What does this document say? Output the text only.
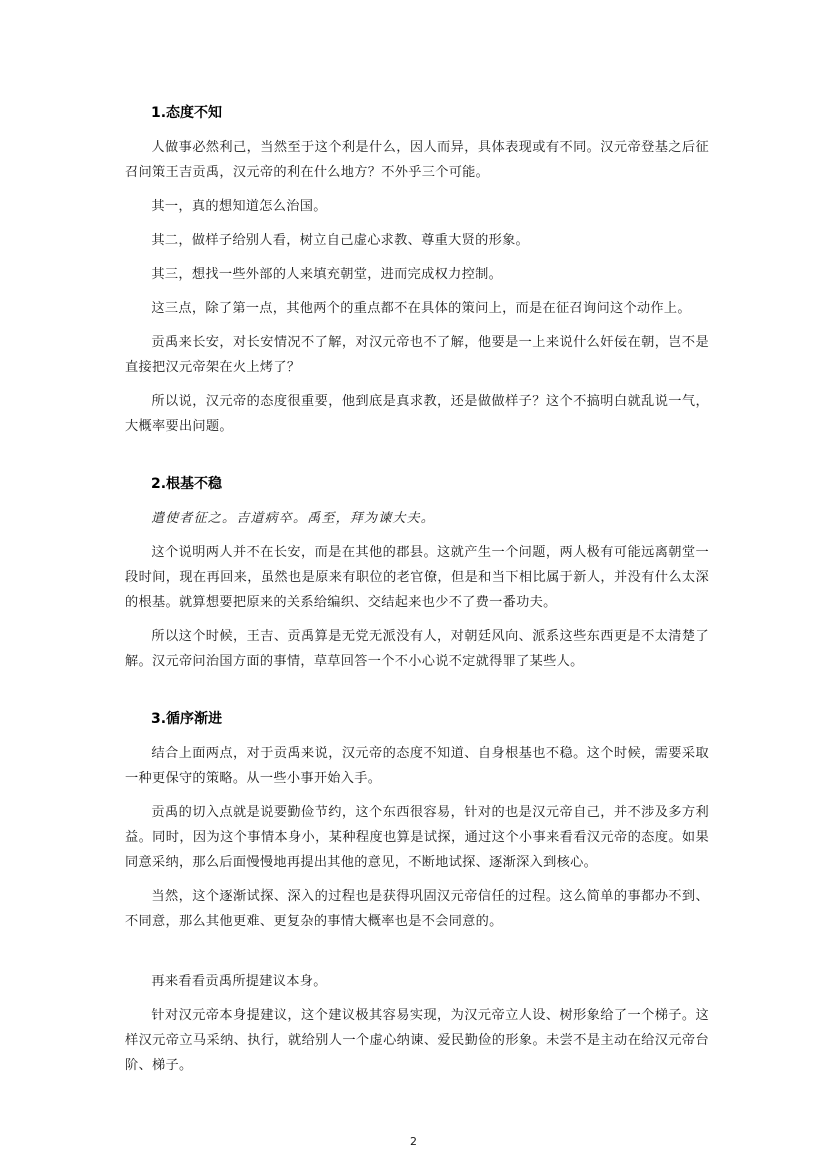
1.态度不知

人做事必然利己，当然至于这个利是什么，因人而异，具体表现或有不同。汉元帝登基之后征召问策王吉贡禹，汉元帝的利在什么地方？不外乎三个可能。

其一，真的想知道怎么治国。

其二，做样子给别人看，树立自己虚心求教、尊重大贤的形象。

其三，想找一些外部的人来填充朝堂，进而完成权力控制。

这三点，除了第一点，其他两个的重点都不在具体的策问上，而是在征召询问这个动作上。

贡禹来长安，对长安情况不了解，对汉元帝也不了解，他要是一上来说什么奸佞在朝，岂不是直接把汉元帝架在火上烤了？

所以说，汉元帝的态度很重要，他到底是真求教，还是做做样子？这个不搞明白就乱说一气，大概率要出问题。

2.根基不稳

遣使者征之。吉道病卒。禹至，拜为谏大夫。

这个说明两人并不在长安，而是在其他的郡县。这就产生一个问题，两人极有可能远离朝堂一段时间，现在再回来，虽然也是原来有职位的老官僚，但是和当下相比属于新人，并没有什么太深的根基。就算想要把原来的关系给编织、交结起来也少不了费一番功夫。

所以这个时候，王吉、贡禹算是无党无派没有人，对朝廷风向、派系这些东西更是不太清楚了解。汉元帝问治国方面的事情，草草回答一个不小心说不定就得罪了某些人。

3.循序渐进

结合上面两点，对于贡禹来说，汉元帝的态度不知道、自身根基也不稳。这个时候，需要采取一种更保守的策略。从一些小事开始入手。

贡禹的切入点就是说要勤俭节约，这个东西很容易，针对的也是汉元帝自己，并不涉及多方利益。同时，因为这个事情本身小，某种程度也算是试探，通过这个小事来看看汉元帝的态度。如果同意采纳，那么后面慢慢地再提出其他的意见，不断地试探、逐渐深入到核心。

当然，这个逐渐试探、深入的过程也是获得巩固汉元帝信任的过程。这么简单的事都办不到、不同意，那么其他更难、更复杂的事情大概率也是不会同意的。

再来看看贡禹所提建议本身。

针对汉元帝本身提建议，这个建议极其容易实现，为汉元帝立人设、树形象给了一个梯子。这样汉元帝立马采纳、执行，就给别人一个虚心纳谏、爱民勤俭的形象。未尝不是主动在给汉元帝台阶、梯子。

2
